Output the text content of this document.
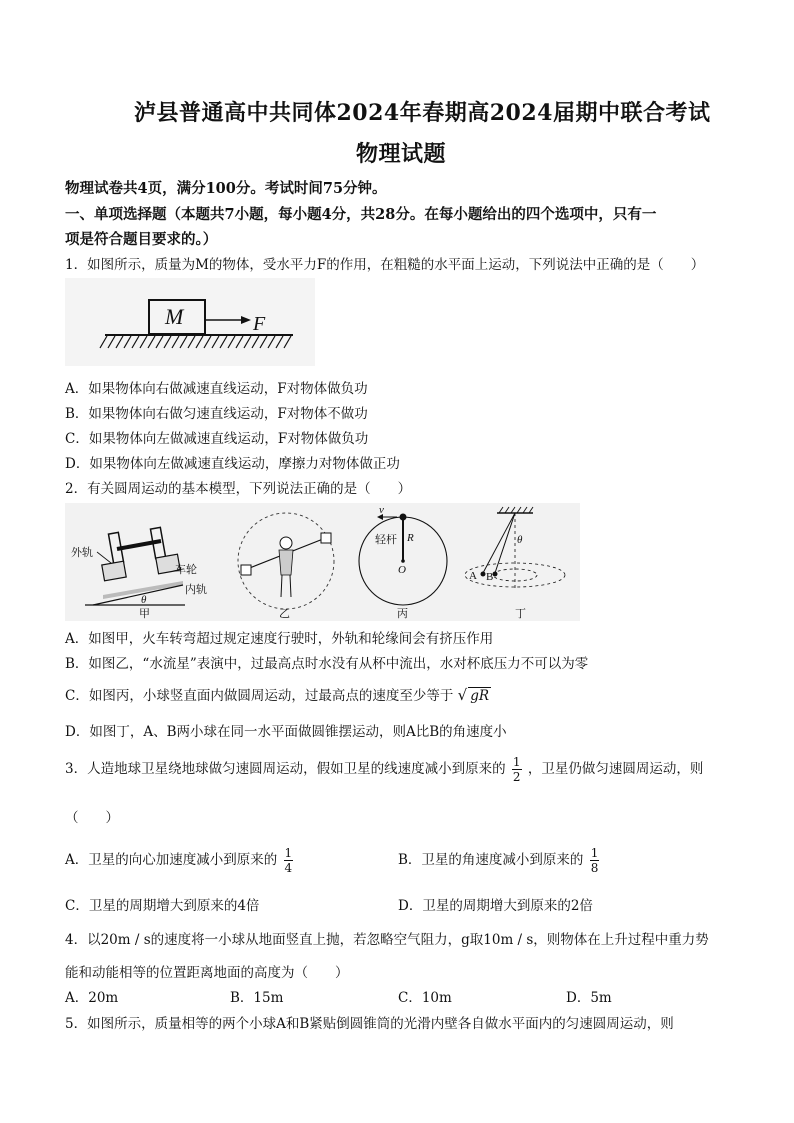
泸县普通高中共同体2024年春期高2024届期中联合考试
物理试题
物理试卷共4页，满分100分。考试时间75分钟。
一、单项选择题（本题共7小题，每小题4分，共28分。在每小题给出的四个选项中，只有一
项是符合题目要求的。）
1．如图所示，质量为M的物体，受水平力F的作用，在粗糙的水平面上运动，下列说法中正确的是（　　）
M	F
A．如果物体向右做减速直线运动，F对物体做负功
B．如果物体向右做匀速直线运动，F对物体不做功
C．如果物体向左做减速直线运动，F对物体做负功
D．如果物体向左做减速直线运动，摩擦力对物体做正功
2．有关圆周运动的基本模型，下列说法正确的是（　　）
外轨
车轮
内轨
θ
甲	乙
v
轻杆 R
O
丙
θ
A B
丁
A．如图甲，火车转弯超过规定速度行驶时，外轨和轮缘间会有挤压作用
B．如图乙，“水流星”表演中，过最高点时水没有从杯中流出，水对杯底压力不可以为零
C．如图丙，小球竖直面内做圆周运动，过最高点的速度至少等于 √ gR
D．如图丁，A、B两小球在同一水平面做圆锥摆运动，则A比B的角速度小
3．人造地球卫星绕地球做匀速圆周运动，假如卫星的线速度减小到原来的 $\frac{1}{2}$ ，卫星仍做匀速圆周运动，则
（　　）
A．卫星的向心加速度减小到原来的 $\frac{1}{4}$	B．卫星的角速度减小到原来的 $\frac{1}{8}$
C．卫星的周期增大到原来的4倍	D．卫星的周期增大到原来的2倍
4．以20m / s的速度将一小球从地面竖直上抛，若忽略空气阻力，g取10m / s，则物体在上升过程中重力势
能和动能相等的位置距离地面的高度为（　　）
A．20m	B．15m	C．10m	D．5m
5．如图所示，质量相等的两个小球A和B紧贴倒圆锥筒的光滑内壁各自做水平面内的匀速圆周运动，则
